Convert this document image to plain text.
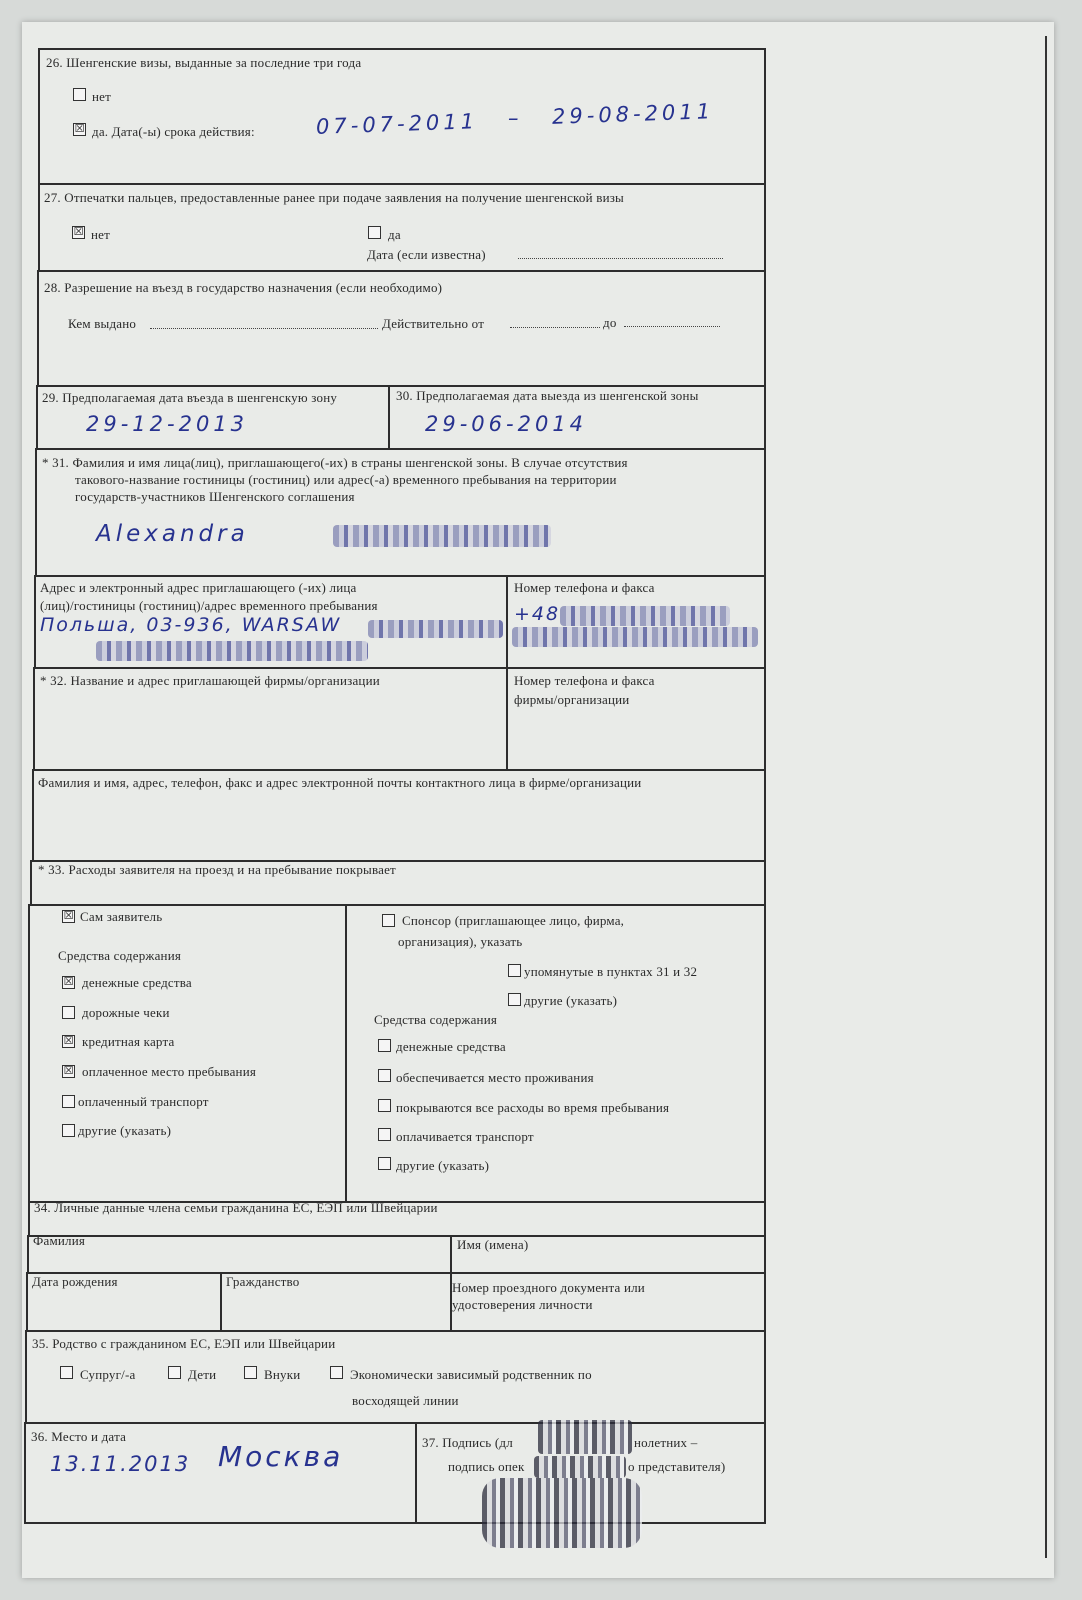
26. Шенгенские визы, выданные за последние три года
нет
☒ да. Дата(-ы) срока действия:	07-07-2011 – 29-08-2011
27. Отпечатки пальцев, предоставленные ранее при подаче заявления на получение шенгенской визы
☒ нет	да
Дата (если известна)
28. Разрешение на въезд в государство назначения (если необходимо)
Кем выдано	Действительно от	до
29. Предполагаемая дата въезда в шенгенскую зону
29-12-2013
30. Предполагаемая дата выезда из шенгенской зоны
29-06-2014
* 31. Фамилия и имя лица(лиц), приглашающего(-их) в страны шенгенской зоны. В случае отсутствия
такового-название гостиницы (гостиниц) или адрес(-а) временного пребывания на территории
государств-участников Шенгенского соглашения
Alexandra
Адрес и электронный адрес приглашающего (-их) лица
(лиц)/гостиницы (гостиниц)/адрес временного пребывания
Польша, 03-936, WARSAW
Номер телефона и факса
+48
* 32. Название и адрес приглашающей фирмы/организации	Номер телефона и факса
фирмы/организации
Фамилия и имя, адрес, телефон, факс и адрес электронной почты контактного лица в фирме/организации
* 33. Расходы заявителя на проезд и на пребывание покрывает
☒ Сам заявитель
Средства содержания
☒ денежные средства
дорожные чеки
☒ кредитная карта
☒ оплаченное место пребывания
оплаченный транспорт
другие (указать)
Спонсор (приглашающее лицо, фирма,
организация), указать
упомянутые в пунктах 31 и 32
другие (указать)
Средства содержания
денежные средства
обеспечивается место проживания
покрываются все расходы во время пребывания
оплачивается транспорт
другие (указать)
34. Личные данные члена семьи гражданина ЕС, ЕЭП или Швейцарии
Фамилия	Имя (имена)
Дата рождения	Гражданство	Номер проездного документа или
удостоверения личности
35. Родство с гражданином ЕС, ЕЭП или Швейцарии
Супруг/-а	Дети	Внуки	Экономически зависимый родственник по
восходящей линии
36. Место и дата
13.11.2013 Москва	37. Подпись (дл	нолетних –
подпись опек	о представителя)
